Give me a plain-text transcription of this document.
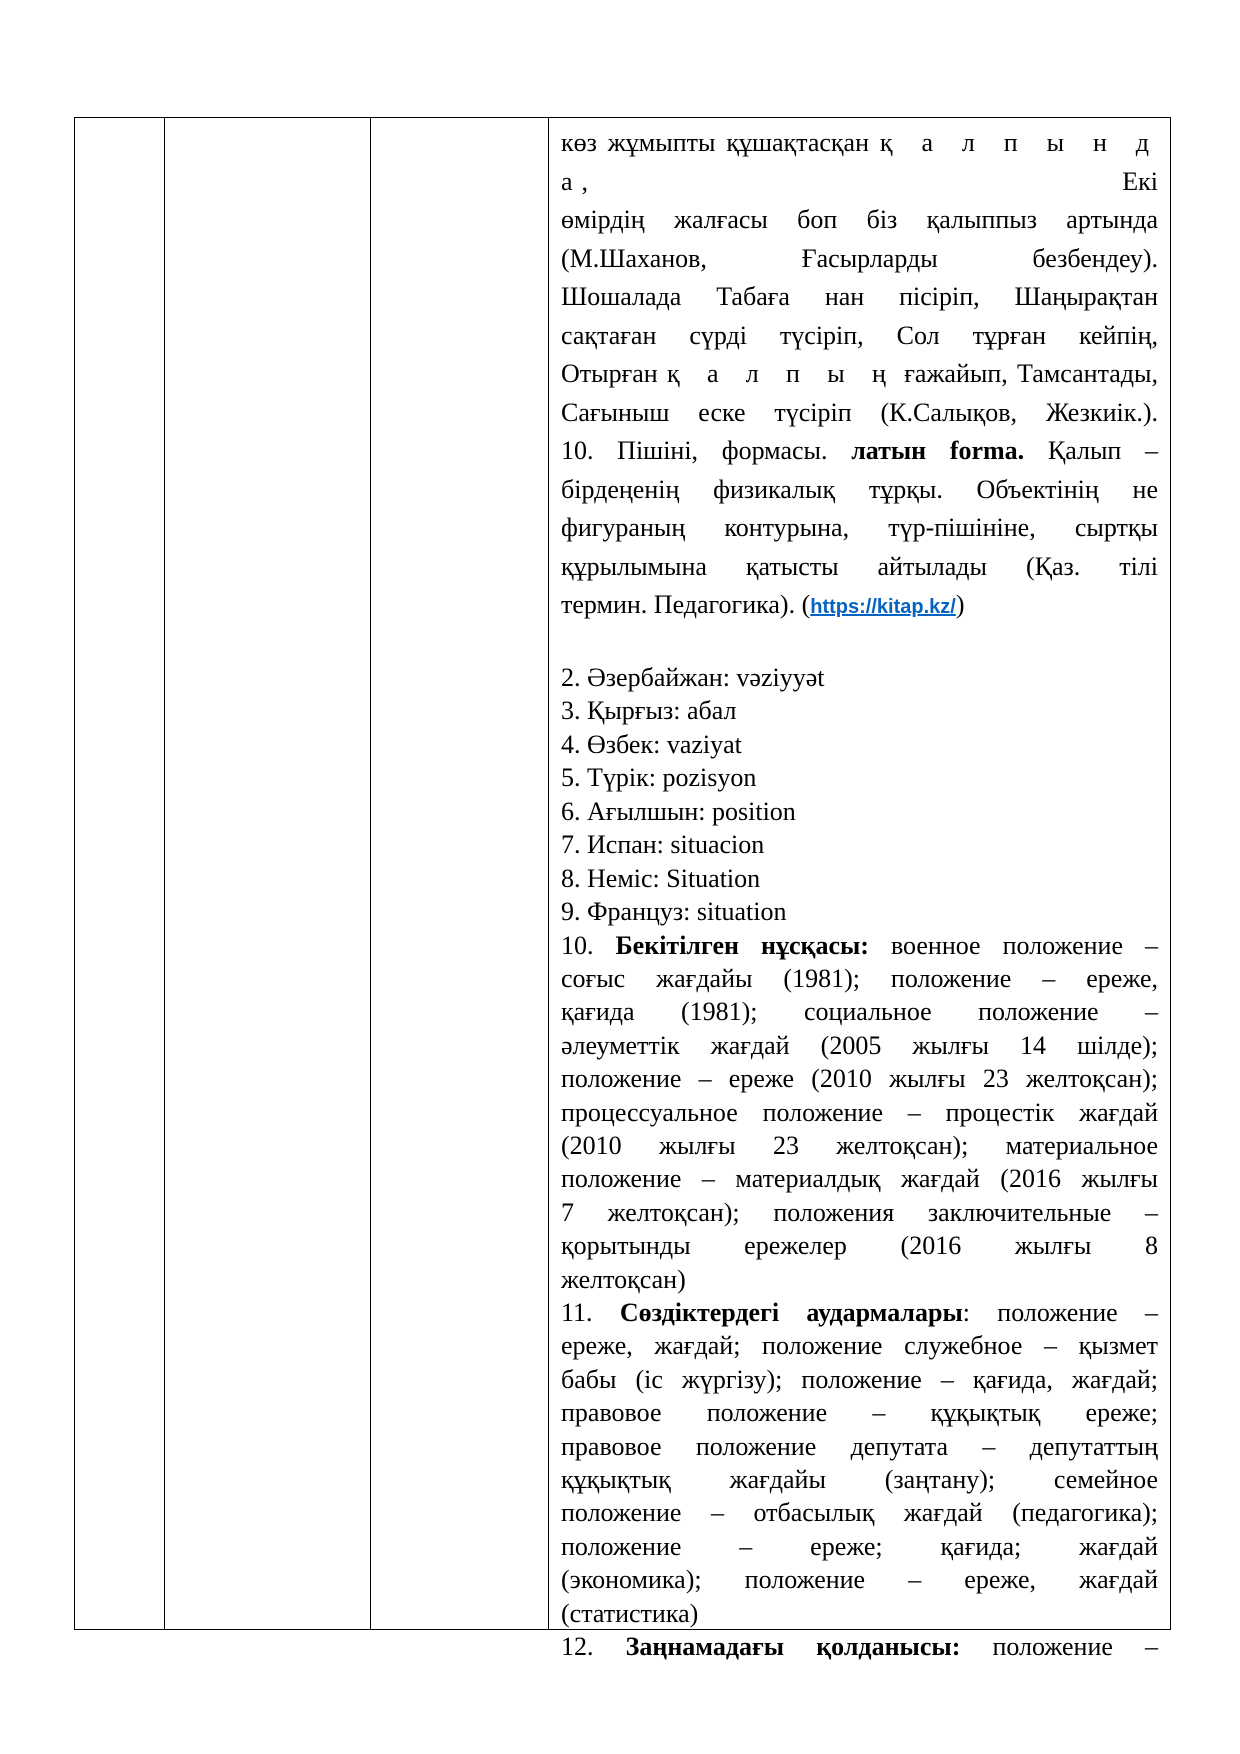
көз жұмыпты құшақтасқан қ а л п ы н д а, Екі
өмірдің жалғасы боп біз қалыппыз артында
(М.Шаханов, Ғасырларды безбендеу).
Шошалада Табаға нан пісіріп, Шаңырақтан
сақтаған сүрді түсіріп, Сол тұрған кейпің,
Отырған қ а л п ы ң ғажайып, Тамсантады,
Сағыныш еске түсіріп (К.Салықов, Жезкиік.).
10. Пішіні, формасы. латын forma. Қалып –
бірдеңенің физикалық тұрқы. Объектінің не
фигураның контурына, түр-пішініне, сыртқы
құрылымына қатысты айтылады (Қаз. тілі
термин. Педагогика). (https://kitap.kz/)
2. Әзербайжан: vəziyyət
3. Қырғыз: абал
4. Өзбек: vaziyat
5. Түрік: pozisyon
6. Ағылшын: position
7. Испан: situacion
8. Неміс: Situation
9. Француз: situation
10. Бекітілген нұсқасы: военное положение –
соғыс жағдайы (1981); положение – ереже,
қағида (1981); социальное положение –
әлеуметтік жағдай (2005 жылғы 14 шілде);
положение – ереже (2010 жылғы 23 желтоқсан);
процессуальное положение – процестік жағдай
(2010 жылғы 23 желтоқсан); материальное
положение – материалдық жағдай (2016 жылғы
7 желтоқсан); положения заключительные –
қорытынды ережелер (2016 жылғы 8
желтоқсан)
11. Сөздіктердегі аудармалары: положение –
ереже, жағдай; положение служебное – қызмет
бабы (іс жүргізу); положение – қағида, жағдай;
правовое положение – құқықтық ереже;
правовое положение депутата – депутаттың
құқықтық жағдайы (заңтану); семейное
положение – отбасылық жағдай (педагогика);
положение – ереже; қағида; жағдай
(экономика); положение – ереже, жағдай
(статистика)
12. Заңнамадағы қолданысы: положение –
